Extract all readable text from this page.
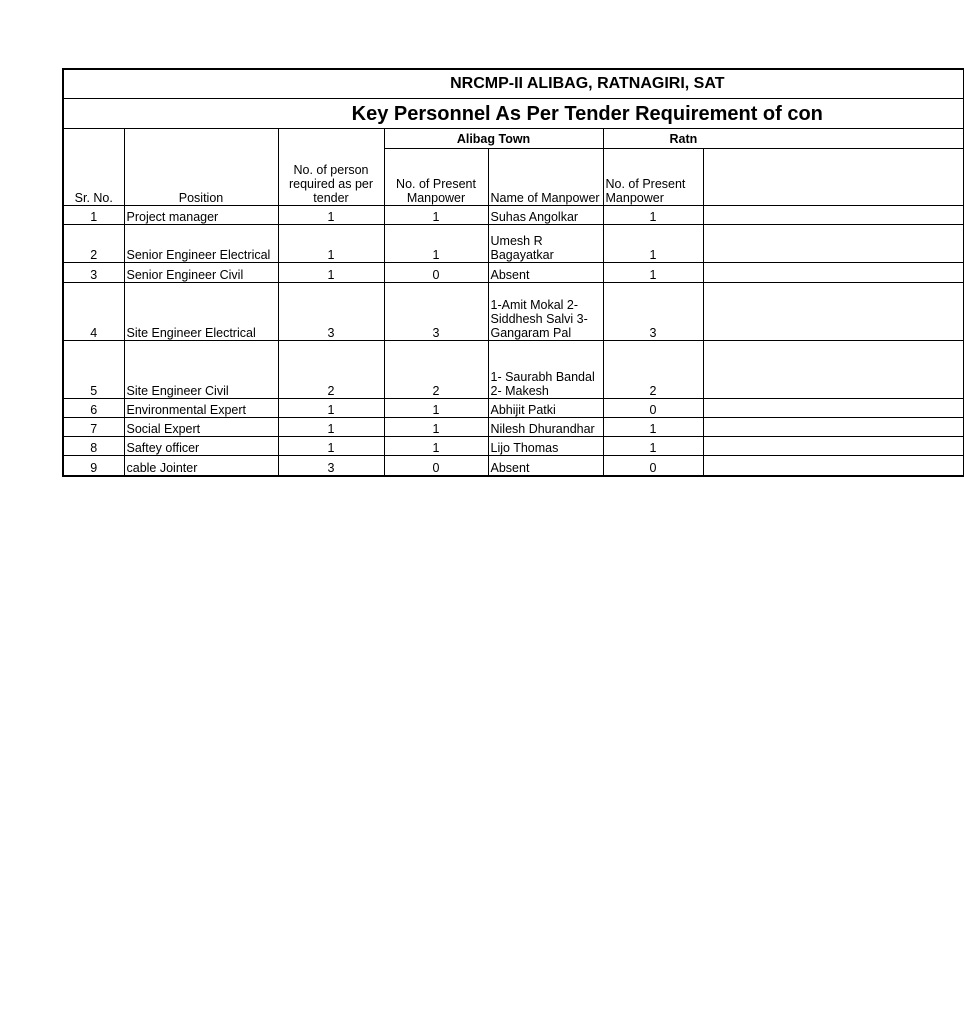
NRCMP-II ALIBAG, RATNAGIRI, SAT						
Key Personnel As Per Tender Requirement of con						
Sr. No.	Position	No. of person required as per tender	Alibag Town		Ratn	
			No. of Present Manpower	Name of Manpower	No. of Present Manpower	
1	Project manager	1	1	Suhas Angolkar	1	
2	Senior Engineer Electrical	1	1	Umesh R Bagayatkar	1	
3	Senior Engineer Civil	1	0	Absent	1	
4	Site Engineer Electrical	3	3	1-Amit Mokal 2- Siddhesh Salvi 3-Gangaram Pal	3	
5	Site Engineer Civil	2	2	1- Saurabh Bandal 2- Makesh	2	
6	Environmental Expert	1	1	Abhijit Patki	0	
7	Social Expert	1	1	Nilesh Dhurandhar	1	
8	Saftey officer	1	1	Lijo Thomas	1	
9	cable Jointer	3	0	Absent	0	
